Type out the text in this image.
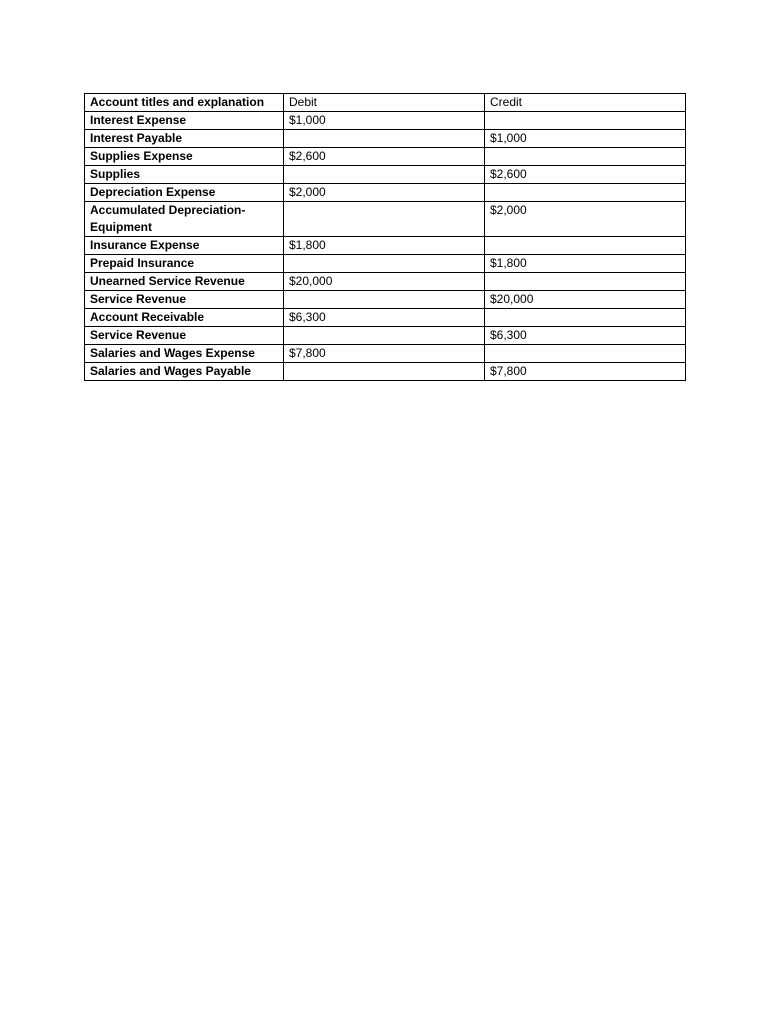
Account titles and explanation	Debit	Credit
Interest Expense	$1,000	
Interest Payable		$1,000
Supplies Expense	$2,600	
Supplies		$2,600
Depreciation Expense	$2,000	
Accumulated Depreciation-Equipment		$2,000
Insurance Expense	$1,800	
Prepaid Insurance		$1,800
Unearned Service Revenue	$20,000	
Service Revenue		$20,000
Account Receivable	$6,300	
Service Revenue		$6,300
Salaries and Wages Expense	$7,800	
Salaries and Wages Payable		$7,800
